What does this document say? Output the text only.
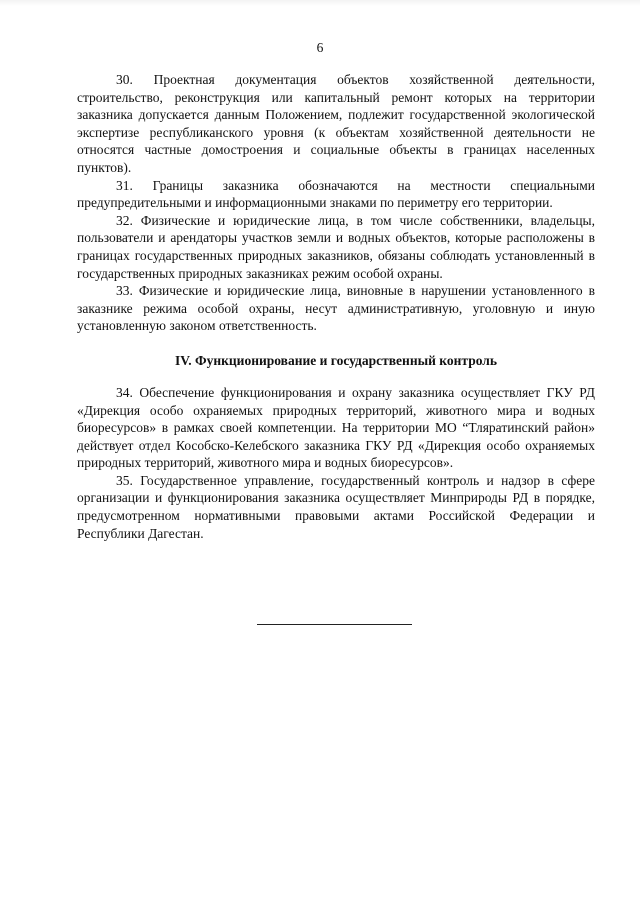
6

30. Проектная документация объектов хозяйственной деятельности, строительство, реконструкция или капитальный ремонт которых на территории заказника допускается данным Положением, подлежит государственной экологической экспертизе республиканского уровня (к объектам хозяйственной деятельности не относятся частные домостроения и социальные объекты в границах населенных пунктов).

31. Границы заказника обозначаются на местности специальными предупредительными и информационными знаками по периметру его территории.

32. Физические и юридические лица, в том числе собственники, владельцы, пользователи и арендаторы участков земли и водных объектов, которые расположены в границах государственных природных заказников, обязаны соблюдать установленный в государственных природных заказниках режим особой охраны.

33. Физические и юридические лица, виновные в нарушении установленного в заказнике режима особой охраны, несут административную, уголовную и иную установленную законом ответственность.

IV. Функционирование и государственный контроль

34. Обеспечение функционирования и охрану заказника осуществляет ГКУ РД «Дирекция особо охраняемых природных территорий, животного мира и водных биоресурсов» в рамках своей компетенции. На территории МО “Тляратинский район» действует отдел Кособско-Келебского заказника ГКУ РД «Дирекция особо охраняемых природных территорий, животного мира и водных биоресурсов».

35. Государственное управление, государственный контроль и надзор в сфере организации и функционирования заказника осуществляет Минприроды РД в порядке, предусмотренном нормативными правовыми актами Российской Федерации и Республики Дагестан.
